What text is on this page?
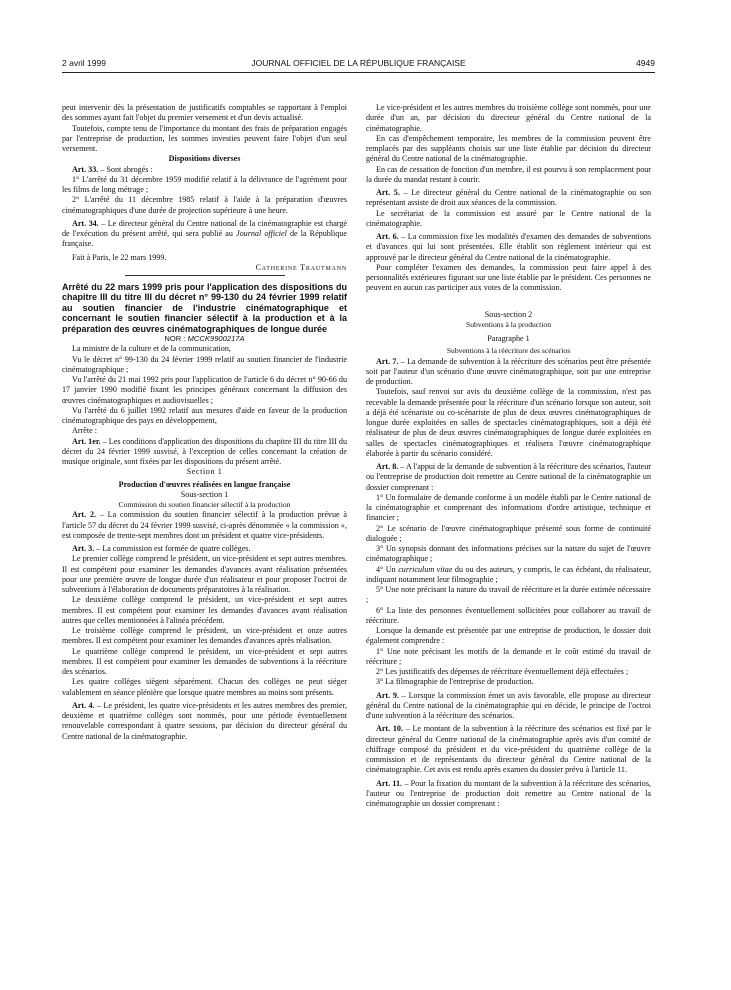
2 avril 1999	JOURNAL OFFICIEL DE LA RÉPUBLIQUE FRANÇAISE	4949

peut intervenir dès la présentation de justificatifs comptables se rapportant à l'emploi des sommes ayant fait l'objet du premier versement et d'un devis actualisé.

Toutefois, compte tenu de l'importance du montant des frais de préparation engagés par l'entreprise de production, les sommes investies peuvent faire l'objet d'un seul versement.

Dispositions diverses

Art. 33. – Sont abrogés :

1° L'arrêté du 31 décembre 1959 modifié relatif à la délivrance de l'agrément pour les films de long métrage ;

2° L'arrêté du 11 décembre 1985 relatif à l'aide à la préparation d'œuvres cinématographiques d'une durée de projection supérieure à une heure.

Art. 34. – Le directeur général du Centre national de la cinématographie est chargé de l'exécution du présent arrêté, qui sera publié au Journal officiel de la République française.

Fait à Paris, le 22 mars 1999.

Catherine Trautmann

Arrêté du 22 mars 1999 pris pour l'application des dispositions du chapitre III du titre III du décret n° 99-130 du 24 février 1999 relatif au soutien financier de l'industrie cinématographique et concernant le soutien financier sélectif à la production et à la préparation des œuvres cinématographiques de longue durée

NOR : MCCK9900217A

La ministre de la culture et de la communication,

Vu le décret n° 99-130 du 24 février 1999 relatif au soutien financier de l'industrie cinématographique ;

Vu l'arrêté du 21 mai 1992 pris pour l'application de l'article 6 du décret n° 90-66 du 17 janvier 1990 modifié fixant les principes généraux concernant la diffusion des œuvres cinématographiques et audiovisuelles ;

Vu l'arrêté du 6 juillet 1992 relatif aux mesures d'aide en faveur de la production cinématographique des pays en développement,

Arrête :

Art. 1er. – Les conditions d'application des dispositions du chapitre III du titre III du décret du 24 février 1999 susvisé, à l'exception de celles concernant la création de musique originale, sont fixées par les dispositions du présent arrêté.

Section 1

Production d'œuvres réalisées en langue française

Sous-section 1

Commission du soutien financier sélectif à la production

Art. 2. – La commission du soutien financier sélectif à la production prévue à l'article 57 du décret du 24 février 1999 susvisé, ci-après dénommée « la commission », est composée de trente-sept membres dont un président et quatre vice-présidents.

Art. 3. – La commission est formée de quatre collèges.

Le premier collège comprend le président, un vice-président et sept autres membres. Il est compétent pour examiner les demandes d'avances avant réalisation présentées pour une première œuvre de longue durée d'un réalisateur et pour proposer l'octroi de subventions à l'élaboration de documents préparatoires à la réalisation.

Le deuxième collège comprend le président, un vice-président et sept autres membres. Il est compétent pour examiner les demandes d'avances avant réalisation autres que celles mentionnées à l'alinéa précédent.

Le troisième collège comprend le président, un vice-président et onze autres membres. Il est compétent pour examiner les demandes d'avances après réalisation.

Le quatrième collège comprend le président, un vice-président et sept autres membres. Il est compétent pour examiner les demandes de subventions à la réécriture des scénarios.

Les quatre collèges siègent séparément. Chacun des collèges ne peut siéger valablement en séance plénière que lorsque quatre membres au moins sont présents.

Art. 4. – Le président, les quatre vice-présidents et les autres membres des premier, deuxième et quatrième collèges sont nommés, pour une période éventuellement renouvelable correspondant à quatre sessions, par décision du directeur général du Centre national de la cinématographie.

Le vice-président et les autres membres du troisième collège sont nommés, pour une durée d'un an, par décision du directeur général du Centre national de la cinématographie.

En cas d'empêchement temporaire, les membres de la commission peuvent être remplacés par des suppléants choisis sur une liste établie par décision du directeur général du Centre national de la cinématographie.

En cas de cessation de fonction d'un membre, il est pourvu à son remplacement pour la durée du mandat restant à courir.

Art. 5. – Le directeur général du Centre national de la cinématographie ou son représentant assiste de droit aux séances de la commission.

Le secrétariat de la commission est assuré par le Centre national de la cinématographie.

Art. 6. – La commission fixe les modalités d'examen des demandes de subventions et d'avances qui lui sont présentées. Elle établit son règlement intérieur qui est approuvé par le directeur général du Centre national de la cinématographie.

Pour compléter l'examen des demandes, la commission peut faire appel à des personnalités extérieures figurant sur une liste établie par le président. Ces personnes ne peuvent en aucun cas participer aux votes de la commission.

Sous-section 2

Subventions à la production

Paragraphe 1

Subventions à la réécriture des scénarios

Art. 7. – La demande de subvention à la réécriture des scénarios peut être présentée soit par l'auteur d'un scénario d'une œuvre cinématographique, soit par une entreprise de production.

Toutefois, sauf renvoi sur avis du deuxième collège de la commission, n'est pas recevable la demande présentée pour la réécriture d'un scénario lorsque son auteur, soit a déjà été scénariste ou co-scénariste de plus de deux œuvres cinématographiques de longue durée exploitées en salles de spectacles cinématographiques, soit a déjà été réalisateur de plus de deux œuvres cinématographiques de longue durée exploitées en salles de spectacles cinématographiques et réalisera l'œuvre cinématographique élaborée à partir du scénario considéré.

Art. 8. – A l'appui de la demande de subvention à la réécriture des scénarios, l'auteur ou l'entreprise de production doit remettre au Centre national de la cinématographie un dossier comprenant :

1° Un formulaire de demande conforme à un modèle établi par le Centre national de la cinématographie et comprenant des informations d'ordre artistique, technique et financier ;

2° Le scénario de l'œuvre cinématographique présenté sous forme de continuité dialoguée ;

3° Un synopsis donnant des informations précises sur la nature du sujet de l'œuvre cinématographique ;

4° Un curriculum vitae du ou des auteurs, y compris, le cas échéant, du réalisateur, indiquant notamment leur filmographie ;

5° Une note précisant la nature du travail de réécriture et la durée estimée nécessaire ;

6° La liste des personnes éventuellement sollicitées pour collaborer au travail de réécriture.

Lorsque la demande est présentée par une entreprise de production, le dossier doit également comprendre :

1° Une note précisant les motifs de la demande et le coût estimé du travail de réécriture ;

2° Les justificatifs des dépenses de réécriture éventuellement déjà effectuées ;

3° La filmographie de l'entreprise de production.

Art. 9. – Lorsque la commission émet un avis favorable, elle propose au directeur général du Centre national de la cinématographie qui en décide, le principe de l'octroi d'une subvention à la réécriture des scénarios.

Art. 10. – Le montant de la subvention à la réécriture des scénarios est fixé par le directeur général du Centre national de la cinématographie après avis d'un comité de chiffrage composé du président et du vice-président du quatrième collège de la commission et de représentants du directeur général du Centre national de la cinématographie. Cet avis est rendu après examen du dossier prévu à l'article 11.

Art. 11. – Pour la fixation du montant de la subvention à la réécriture des scénarios, l'auteur ou l'entreprise de production doit remettre au Centre national de la cinématographie un dossier comprenant :
